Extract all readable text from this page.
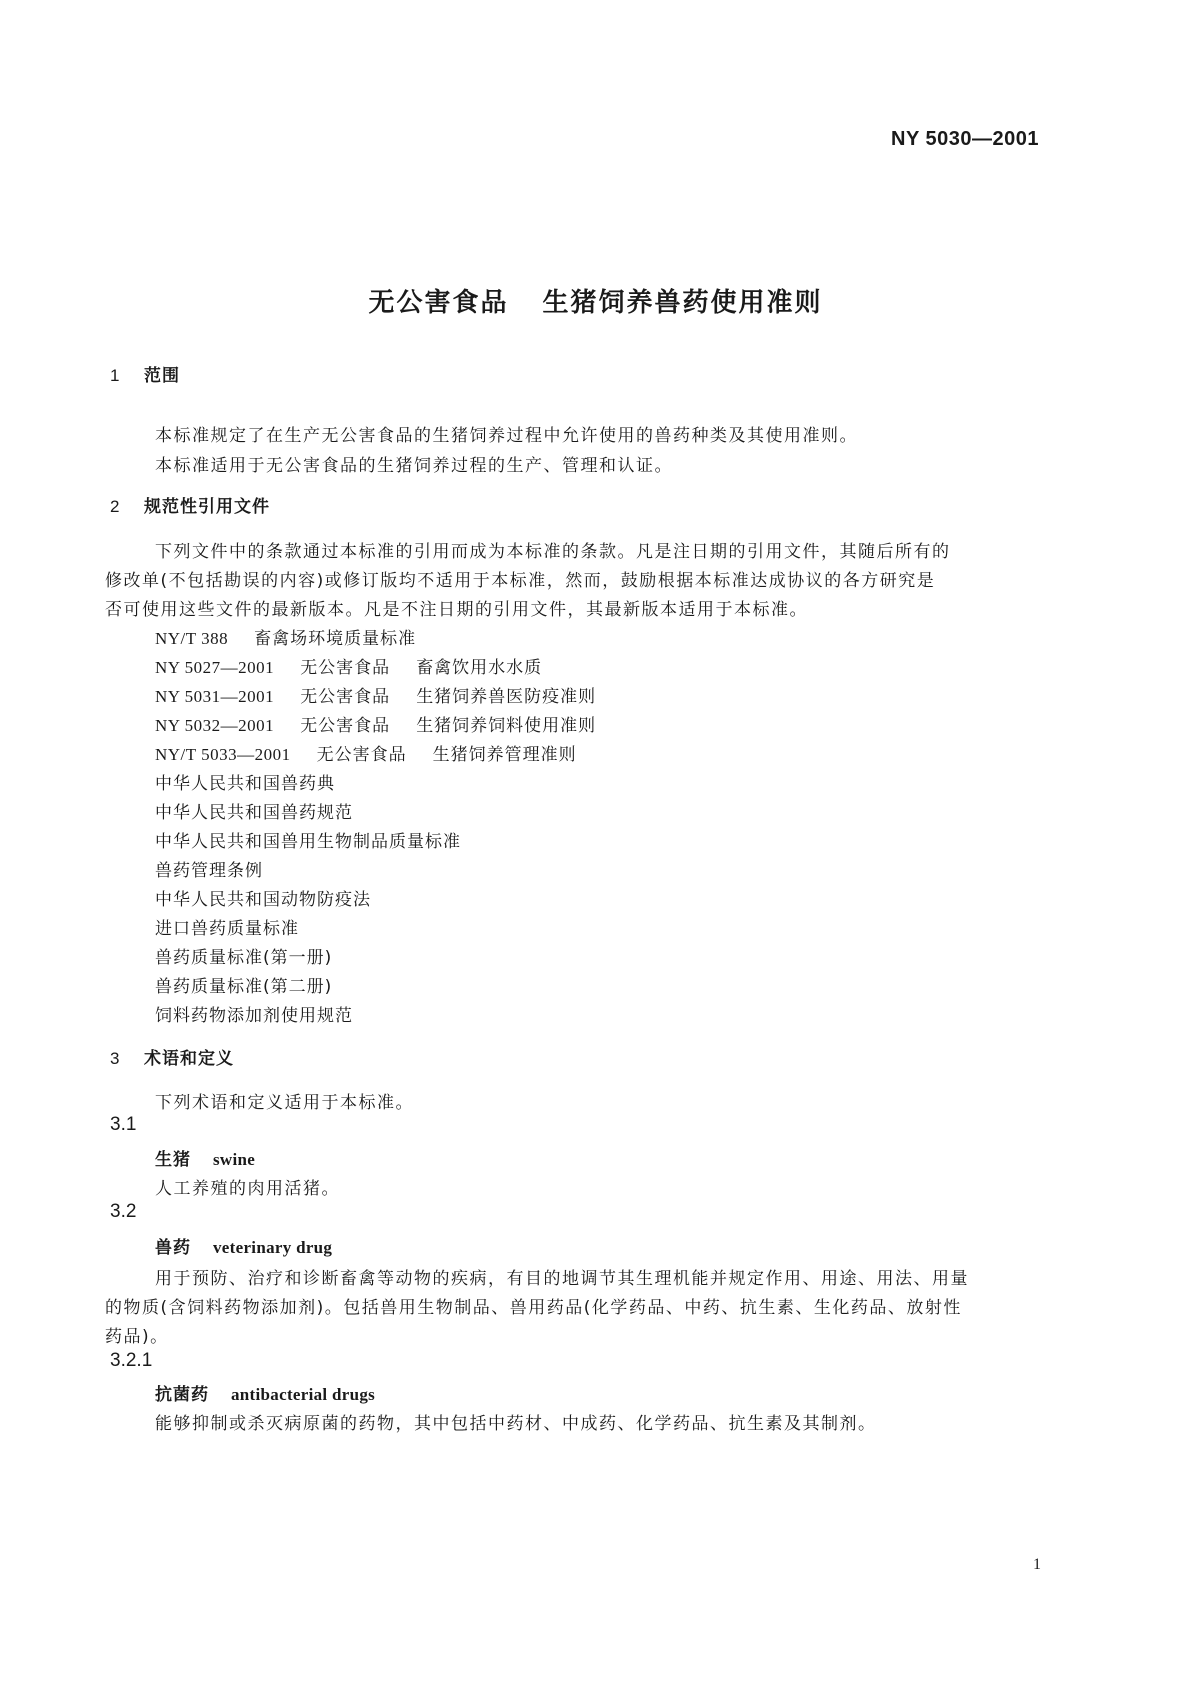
NY 5030—2001
无公害食品 生猪饲养兽药使用准则
1 范围
本标准规定了在生产无公害食品的生猪饲养过程中允许使用的兽药种类及其使用准则。
本标准适用于无公害食品的生猪饲养过程的生产、管理和认证。
2 规范性引用文件
下列文件中的条款通过本标准的引用而成为本标准的条款。凡是注日期的引用文件，其随后所有的
修改单(不包括勘误的内容)或修订版均不适用于本标准，然而，鼓励根据本标准达成协议的各方研究是
否可使用这些文件的最新版本。凡是不注日期的引用文件，其最新版本适用于本标准。
NY/T 388 畜禽场环境质量标准
NY 5027—2001 无公害食品 畜禽饮用水水质
NY 5031—2001 无公害食品 生猪饲养兽医防疫准则
NY 5032—2001 无公害食品 生猪饲养饲料使用准则
NY/T 5033—2001 无公害食品 生猪饲养管理准则
中华人民共和国兽药典
中华人民共和国兽药规范
中华人民共和国兽用生物制品质量标准
兽药管理条例
中华人民共和国动物防疫法
进口兽药质量标准
兽药质量标准(第一册)
兽药质量标准(第二册)
饲料药物添加剂使用规范
3 术语和定义
下列术语和定义适用于本标准。
3.1
生猪 swine
人工养殖的肉用活猪。
3.2
兽药 veterinary drug
用于预防、治疗和诊断畜禽等动物的疾病，有目的地调节其生理机能并规定作用、用途、用法、用量
的物质(含饲料药物添加剂)。包括兽用生物制品、兽用药品(化学药品、中药、抗生素、生化药品、放射性
药品)。
3.2.1
抗菌药 antibacterial drugs
能够抑制或杀灭病原菌的药物，其中包括中药材、中成药、化学药品、抗生素及其制剂。
1
